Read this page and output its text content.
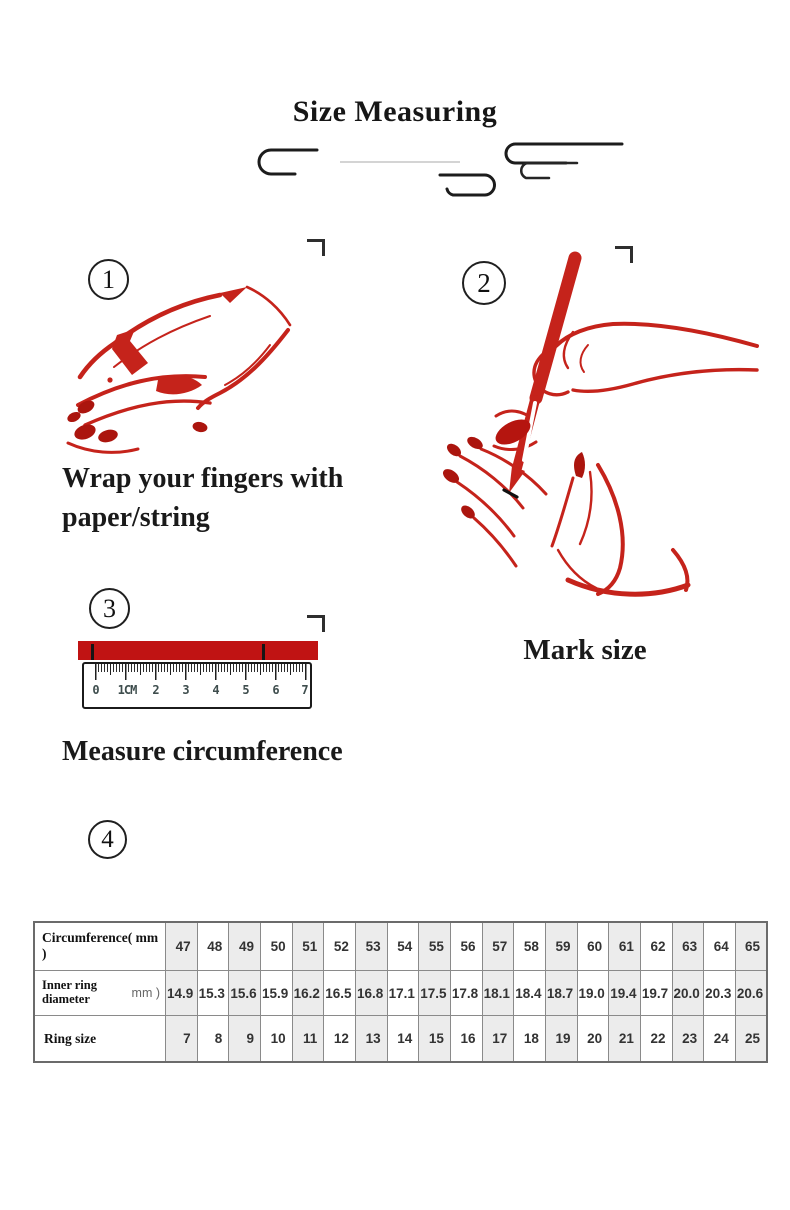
Size Measuring
1	2
3
4
Wrap your fingers with paper/string
Mark size
Measure circumference
0 1CM 2 3 4 5 6 7
Circumference( mm )	47	48	49	50	51	52	53	54	55	56	57	58	59	60	61	62	63	64	65
Inner ring
diameter mm )	14.9	15.3	15.6	15.9	16.2	16.5	16.8	17.1	17.5	17.8	18.1	18.4	18.7	19.0	19.4	19.7	20.0	20.3	20.6
Ring size	7	8	9	10	11	12	13	14	15	16	17	18	19	20	21	22	23	24	25
